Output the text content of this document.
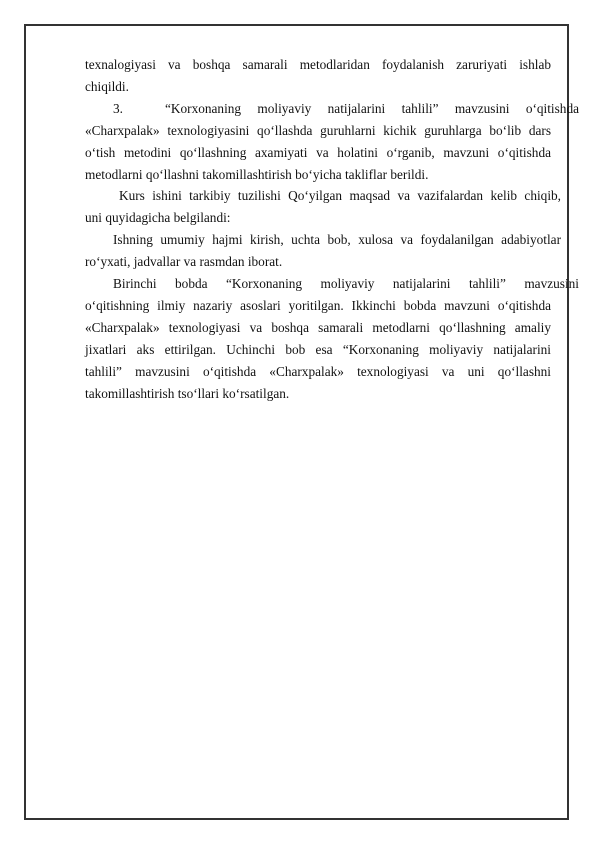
texnalogiyasi va boshqa samarali metodlaridan foydalanish zaruriyati ishlab
chiqildi.

3.	“Korxonaning moliyaviy natijalarini tahlili” mavzusini o‘qitishda
«Charxpalak» texnologiyasini qo‘llashda guruhlarni kichik guruhlarga bo‘lib dars
o‘tish metodini qo‘llashning axamiyati va holatini o‘rganib, mavzuni o‘qitishda
metodlarni qo‘llashni takomillashtirish bo‘yicha takliflar berildi.

Kurs ishini tarkibiy tuzilishi Qo‘yilgan maqsad va vazifalardan kelib chiqib,
uni quyidagicha belgilandi:

Ishning umumiy hajmi kirish, uchta bob, xulosa va foydalanilgan adabiyotlar
ro‘yxati, jadvallar va rasmdan iborat.

Birinchi bobda “Korxonaning moliyaviy natijalarini tahlili” mavzusini
o‘qitishning ilmiy nazariy asoslari yoritilgan. Ikkinchi bobda mavzuni o‘qitishda
«Charxpalak» texnologiyasi va boshqa samarali metodlarni qo‘llashning amaliy
jixatlari aks ettirilgan. Uchinchi bob esa “Korxonaning moliyaviy natijalarini
tahlili” mavzusini o‘qitishda «Charxpalak» texnologiyasi va uni qo‘llashni
takomillashtirish tso‘llari ko‘rsatilgan.
